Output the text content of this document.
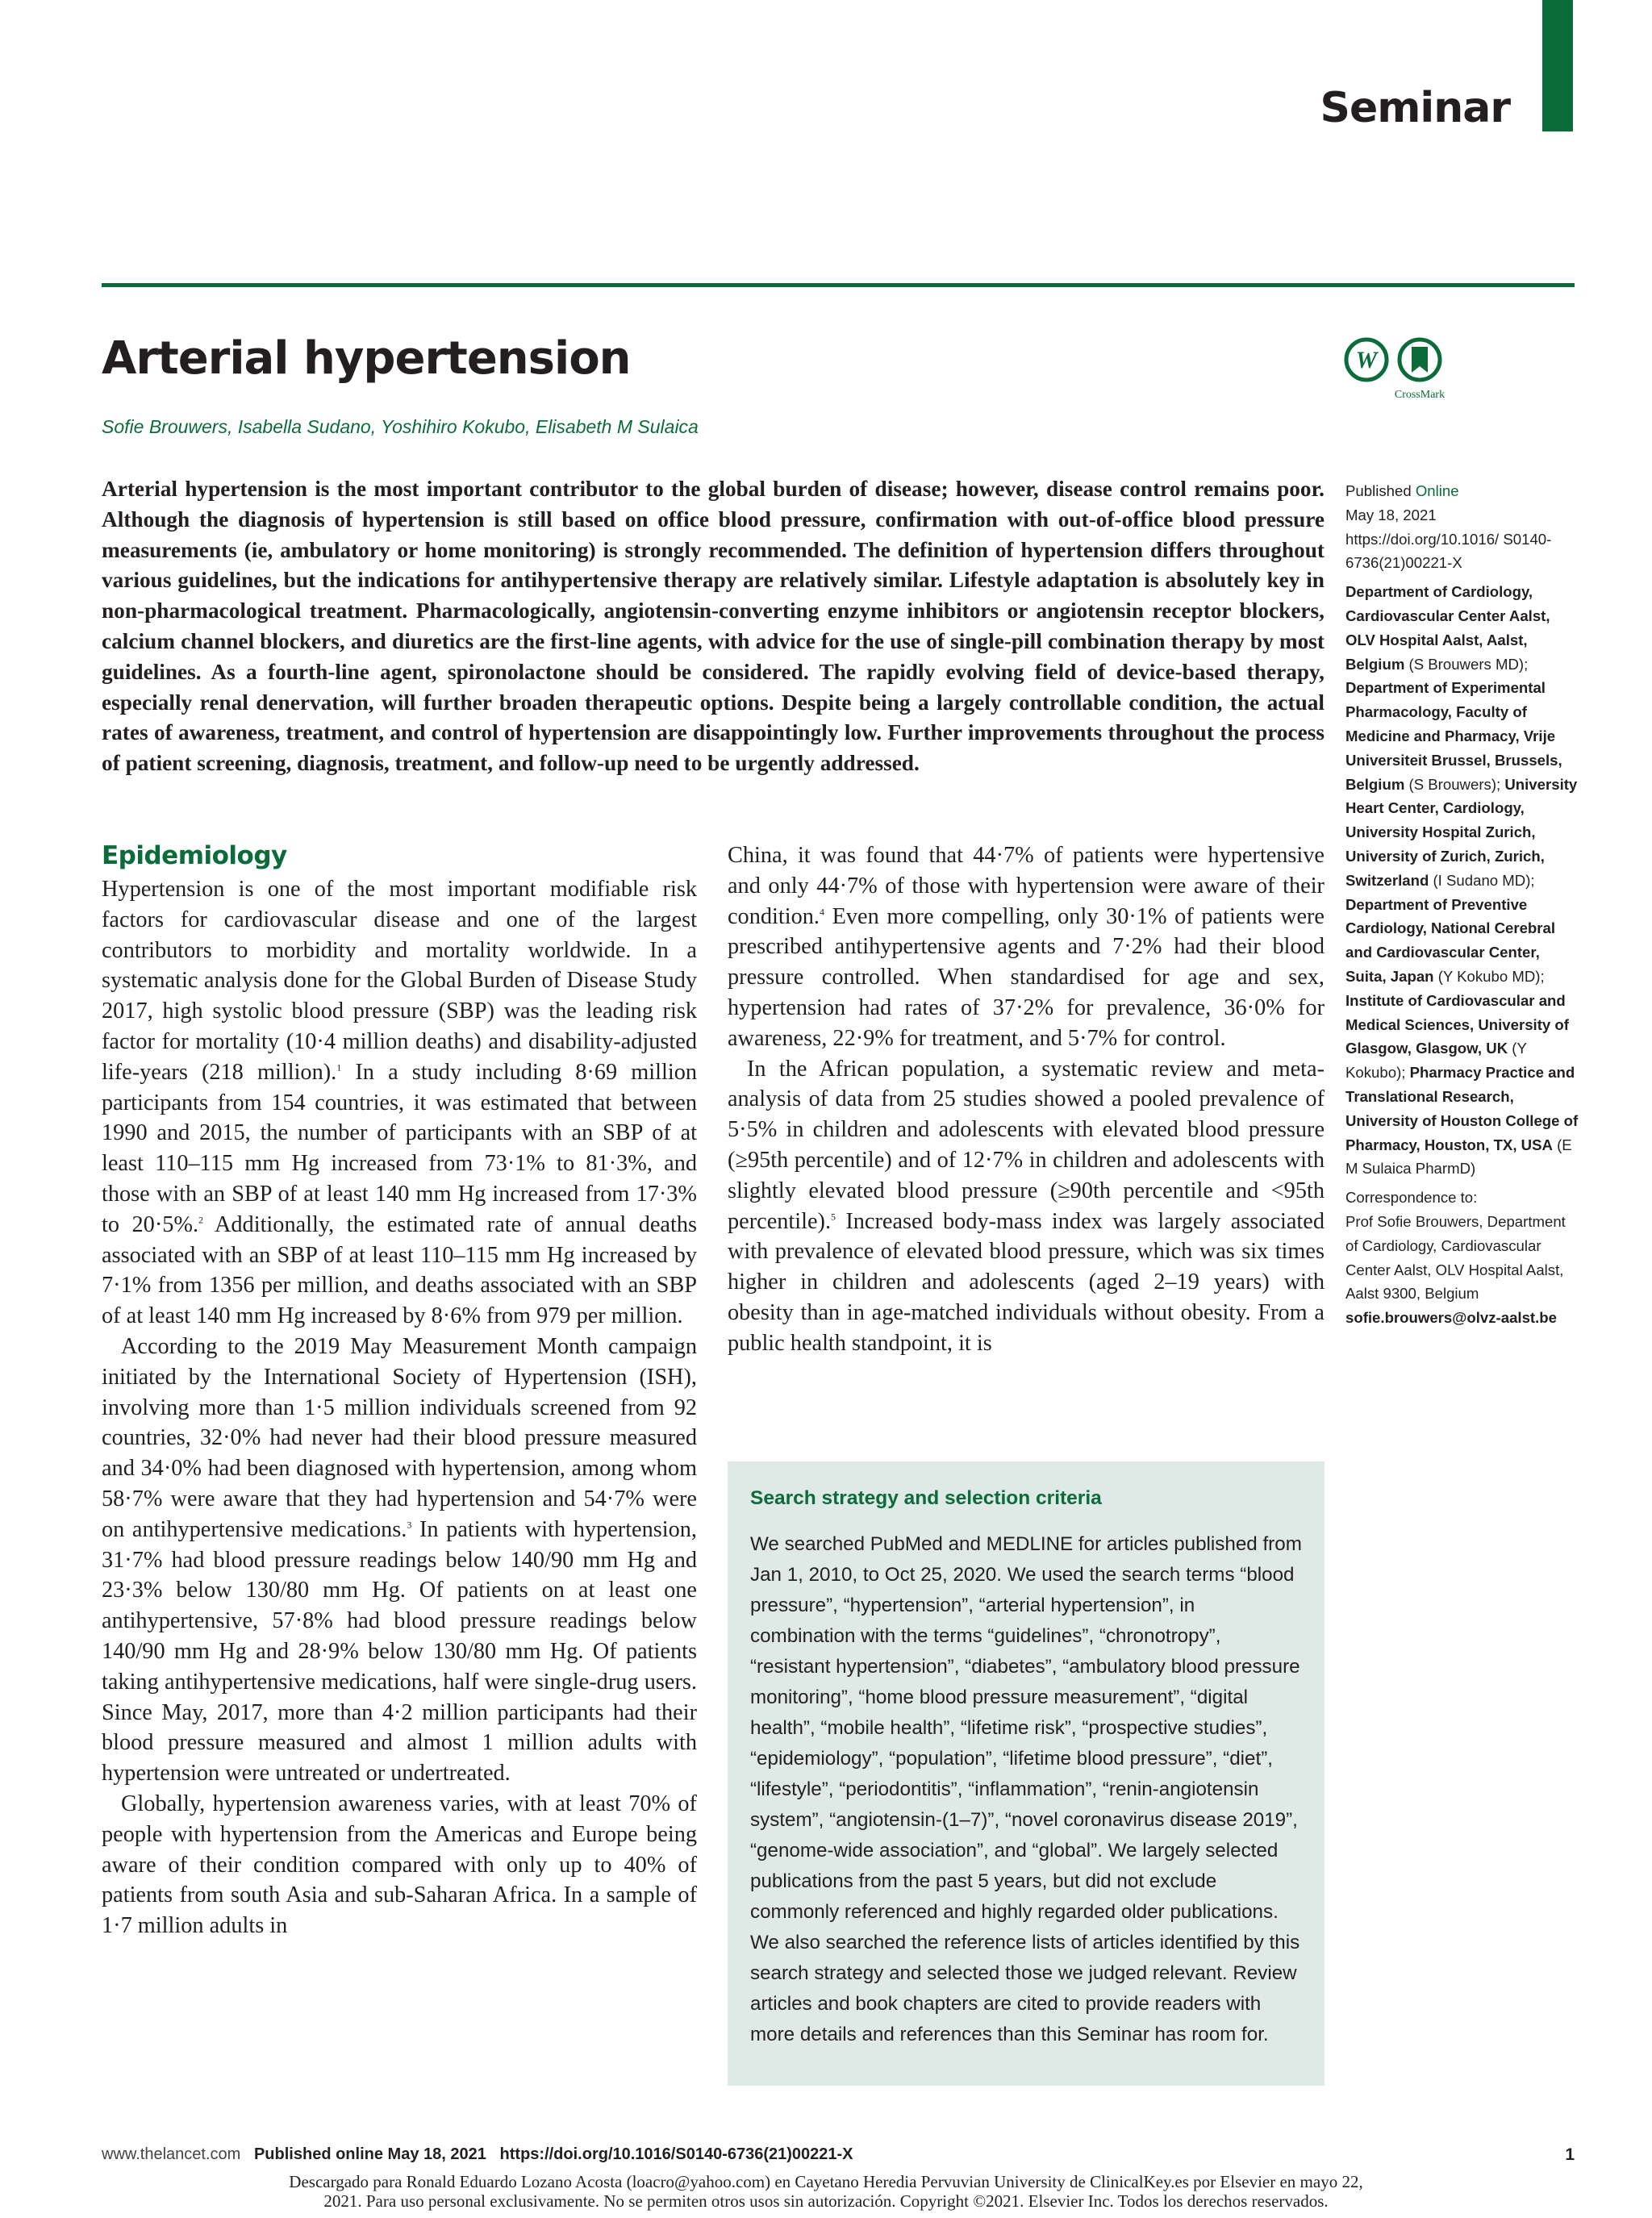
Seminar
Arterial hypertension	W
CrossMark
Sofie Brouwers, Isabella Sudano, Yoshihiro Kokubo, Elisabeth M Sulaica

Arterial hypertension is the most important contributor to the global burden of disease; however, disease control remains poor. Although the diagnosis of hypertension is still based on office blood pressure, confirmation with out-of-office blood pressure measurements (ie, ambulatory or home monitoring) is strongly recommended. The definition of hypertension differs throughout various guidelines, but the indications for antihypertensive therapy are relatively similar. Lifestyle adaptation is absolutely key in non-pharmacological treatment. Pharmacologically, angiotensin-converting enzyme inhibitors or angiotensin receptor blockers, calcium channel blockers, and diuretics are the first-line agents, with advice for the use of single-pill combination therapy by most guidelines. As a fourth-line agent, spironolactone should be considered. The rapidly evolving field of device-based therapy, especially renal denervation, will further broaden therapeutic options. Despite being a largely controllable condition, the actual rates of awareness, treatment, and control of hypertension are disappointingly low. Further improvements throughout the process of patient screening, diagnosis, treatment, and follow-up need to be urgently addressed.

Epidemiology

Hypertension is one of the most important modifiable risk factors for cardiovascular disease and one of the largest contributors to morbidity and mortality worldwide. In a systematic analysis done for the Global Burden of Disease Study 2017, high systolic blood pressure (SBP) was the leading risk factor for mortality (10·4 million deaths) and disability-adjusted life-years (218 million).$^1$ In a study including 8·69 million participants from 154 countries, it was estimated that between 1990 and 2015, the number of participants with an SBP of at least 110–115 mm Hg increased from 73·1% to 81·3%, and those with an SBP of at least 140 mm Hg increased from 17·3% to 20·5%.$^2$ Additionally, the estimated rate of annual deaths associated with an SBP of at least 110–115 mm Hg increased by 7·1% from 1356 per million, and deaths associated with an SBP of at least 140 mm Hg increased by 8·6% from 979 per million.

According to the 2019 May Measurement Month campaign initiated by the International Society of Hypertension (ISH), involving more than 1·5 million individuals screened from 92 countries, 32·0% had never had their blood pressure measured and 34·0% had been diagnosed with hypertension, among whom 58·7% were aware that they had hypertension and 54·7% were on antihypertensive medications.$^3$ In patients with hypertension, 31·7% had blood pressure readings below 140/90 mm Hg and 23·3% below 130/80 mm Hg. Of patients on at least one antihypertensive, 57·8% had blood pressure readings below 140/90 mm Hg and 28·9% below 130/80 mm Hg. Of patients taking antihypertensive medications, half were single-drug users. Since May, 2017, more than 4·2 million participants had their blood pressure measured and almost 1 million adults with hypertension were untreated or undertreated.

Globally, hypertension awareness varies, with at least 70% of people with hypertension from the Americas and Europe being aware of their condition compared with only up to 40% of patients from south Asia and sub-Saharan Africa. In a sample of 1·7 million adults in

China, it was found that 44·7% of patients were hypertensive and only 44·7% of those with hypertension were aware of their condition.$^4$ Even more compelling, only 30·1% of patients were prescribed antihypertensive agents and 7·2% had their blood pressure controlled. When standardised for age and sex, hypertension had rates of 37·2% for prevalence, 36·0% for awareness, 22·9% for treatment, and 5·7% for control.

In the African population, a systematic review and meta-analysis of data from 25 studies showed a pooled prevalence of 5·5% in children and adolescents with elevated blood pressure (≥95th percentile) and of 12·7% in children and adolescents with slightly elevated blood pressure (≥90th percentile and <95th percentile).$^5$ Increased body-mass index was largely associated with prevalence of elevated blood pressure, which was six times higher in children and adolescents (aged 2–19 years) with obesity than in age-matched individuals without obesity. From a public health standpoint, it is

Published Online
May 18, 2021
https://doi.org/10.1016/ S0140-6736(21)00221-X

Department of Cardiology, Cardiovascular Center Aalst, OLV Hospital Aalst, Aalst, Belgium (S Brouwers MD); Department of Experimental Pharmacology, Faculty of Medicine and Pharmacy, Vrije Universiteit Brussel, Brussels, Belgium (S Brouwers); University Heart Center, Cardiology, University Hospital Zurich, University of Zurich, Zurich, Switzerland (I Sudano MD); Department of Preventive Cardiology, National Cerebral and Cardiovascular Center, Suita, Japan (Y Kokubo MD); Institute of Cardiovascular and Medical Sciences, University of Glasgow, Glasgow, UK (Y Kokubo); Pharmacy Practice and Translational Research, University of Houston College of Pharmacy, Houston, TX, USA (E M Sulaica PharmD)

Correspondence to:
Prof Sofie Brouwers, Department of Cardiology, Cardiovascular Center Aalst, OLV Hospital Aalst, Aalst 9300, Belgium
sofie.brouwers@olvz-aalst.be

Search strategy and selection criteria

We searched PubMed and MEDLINE for articles published from Jan 1, 2010, to Oct 25, 2020. We used the search terms “blood pressure”, “hypertension”, “arterial hypertension”, in combination with the terms “guidelines”, “chronotropy”, “resistant hypertension”, “diabetes”, “ambulatory blood pressure monitoring”, “home blood pressure measurement”, “digital health”, “mobile health”, “lifetime risk”, “prospective studies”, “epidemiology”, “population”, “lifetime blood pressure”, “diet”, “lifestyle”, “periodontitis”, “inflammation”, “renin-angiotensin system”, “angiotensin-(1–7)”, “novel coronavirus disease 2019”, “genome-wide association”, and “global”. We largely selected publications from the past 5 years, but did not exclude commonly referenced and highly regarded older publications. We also searched the reference lists of articles identified by this search strategy and selected those we judged relevant. Review articles and book chapters are cited to provide readers with more details and references than this Seminar has room for.

www.thelancet.com Published online May 18, 2021 https://doi.org/10.1016/S0140-6736(21)00221-X	1
Descargado para Ronald Eduardo Lozano Acosta (loacro@yahoo.com) en Cayetano Heredia Pervuvian University de ClinicalKey.es por Elsevier en mayo 22,
2021. Para uso personal exclusivamente. No se permiten otros usos sin autorización. Copyright ©2021. Elsevier Inc. Todos los derechos reservados.
